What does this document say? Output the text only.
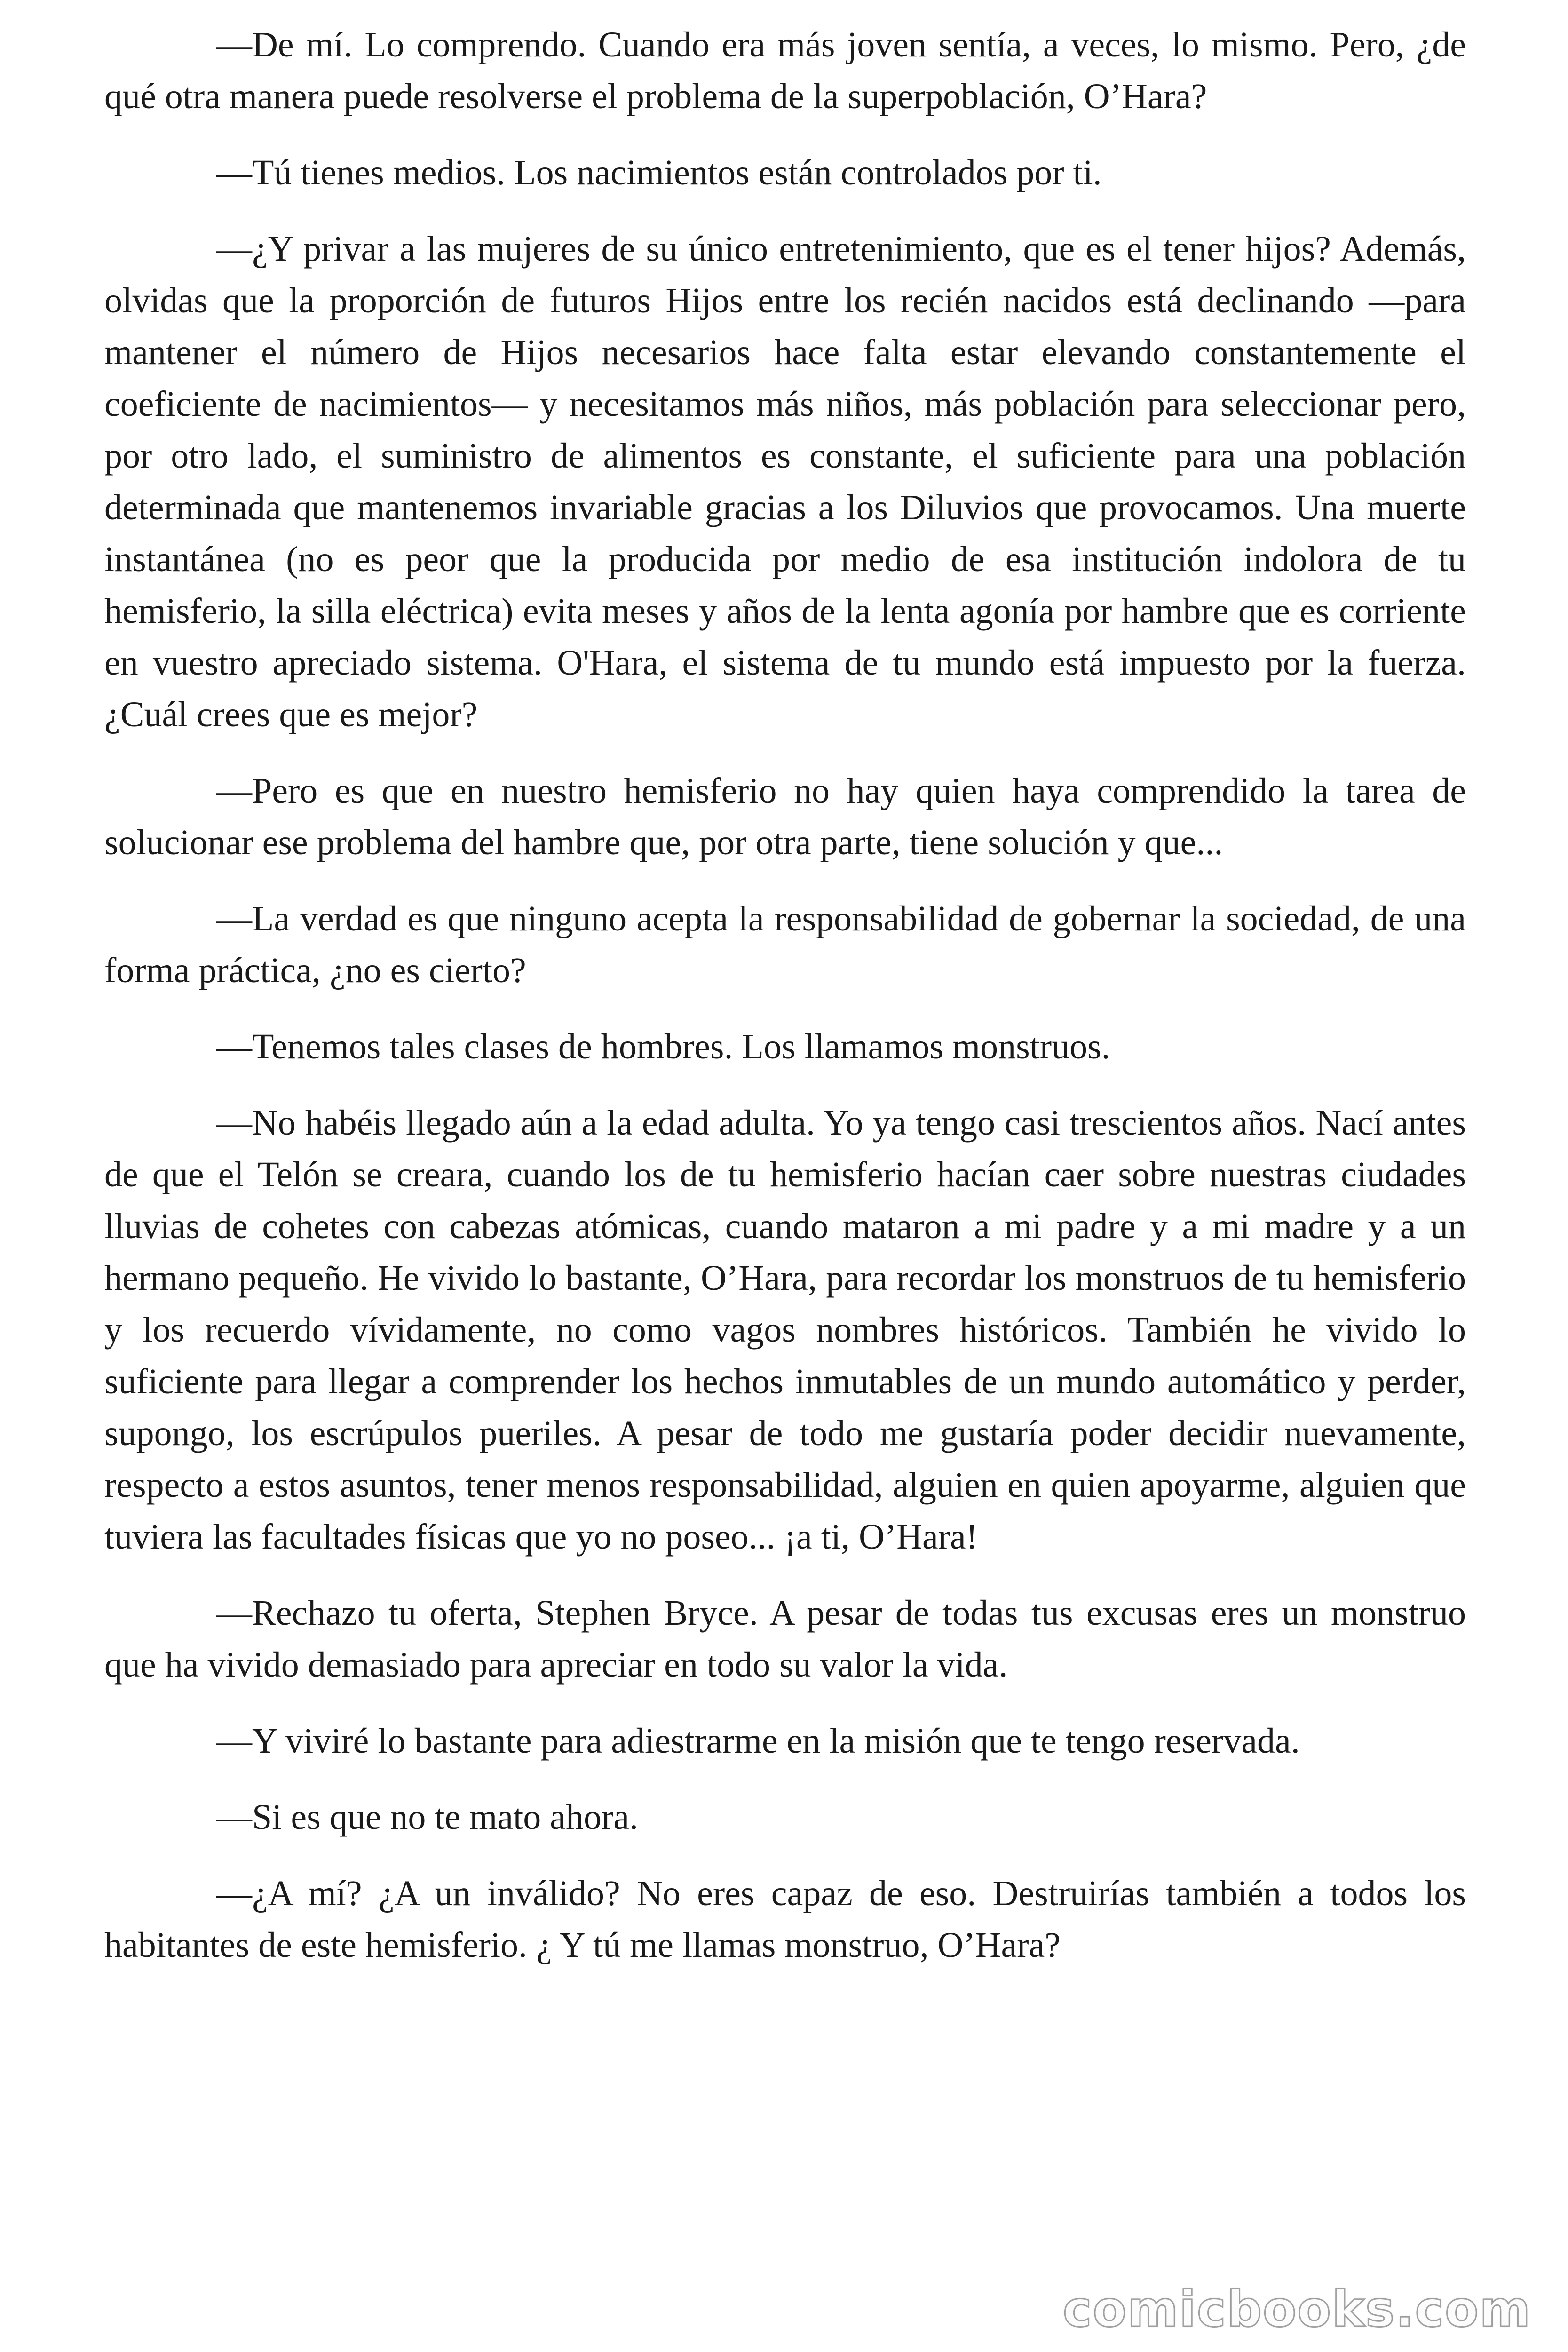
—De mí. Lo comprendo. Cuando era más joven sentía, a veces, lo mismo. Pero, ¿de qué otra manera puede resolverse el problema de la superpoblación, O’Hara?

—Tú tienes medios. Los nacimientos están controlados por ti.

—¿Y privar a las mujeres de su único entretenimiento, que es el tener hijos? Además, olvidas que la proporción de futuros Hijos entre los recién nacidos está declinando —para mantener el número de Hijos necesarios hace falta estar elevando constantemente el coeficiente de nacimientos— y necesitamos más niños, más población para seleccionar pero, por otro lado, el suministro de alimentos es constante, el suficiente para una población determinada que mantenemos invariable gracias a los Diluvios que provocamos. Una muerte instantánea (no es peor que la producida por medio de esa institución indolora de tu hemisferio, la silla eléctrica) evita meses y años de la lenta agonía por hambre que es corriente en vuestro apreciado sistema. O'Hara, el sistema de tu mundo está impuesto por la fuerza. ¿Cuál crees que es mejor?

—Pero es que en nuestro hemisferio no hay quien haya comprendido la tarea de solucionar ese problema del hambre que, por otra parte, tiene solución y que...

—La verdad es que ninguno acepta la responsabilidad de gobernar la sociedad, de una forma práctica, ¿no es cierto?

—Tenemos tales clases de hombres. Los llamamos monstruos.

—No habéis llegado aún a la edad adulta. Yo ya tengo casi trescientos años. Nací antes de que el Telón se creara, cuando los de tu hemisferio hacían caer sobre nuestras ciudades lluvias de cohetes con cabezas atómicas, cuando mataron a mi padre y a mi madre y a un hermano pequeño. He vivido lo bastante, O’Hara, para recordar los monstruos de tu hemisferio y los recuerdo vívidamente, no como vagos nombres históricos. También he vivido lo suficiente para llegar a comprender los hechos inmutables de un mundo automático y perder, supongo, los escrúpulos pueriles. A pesar de todo me gustaría poder decidir nuevamente, respecto a estos asuntos, tener menos responsabilidad, alguien en quien apoyarme, alguien que tuviera las facultades físicas que yo no poseo... ¡a ti, O’Hara!

—Rechazo tu oferta, Stephen Bryce. A pesar de todas tus excusas eres un monstruo que ha vivido demasiado para apreciar en todo su valor la vida.

—Y viviré lo bastante para adiestrarme en la misión que te tengo reservada.

—Si es que no te mato ahora.

—¿A mí? ¿A un inválido? No eres capaz de eso. Destruirías también a todos los habitantes de este hemisferio. ¿ Y tú me llamas monstruo, O’Hara?

comicbooks.com
